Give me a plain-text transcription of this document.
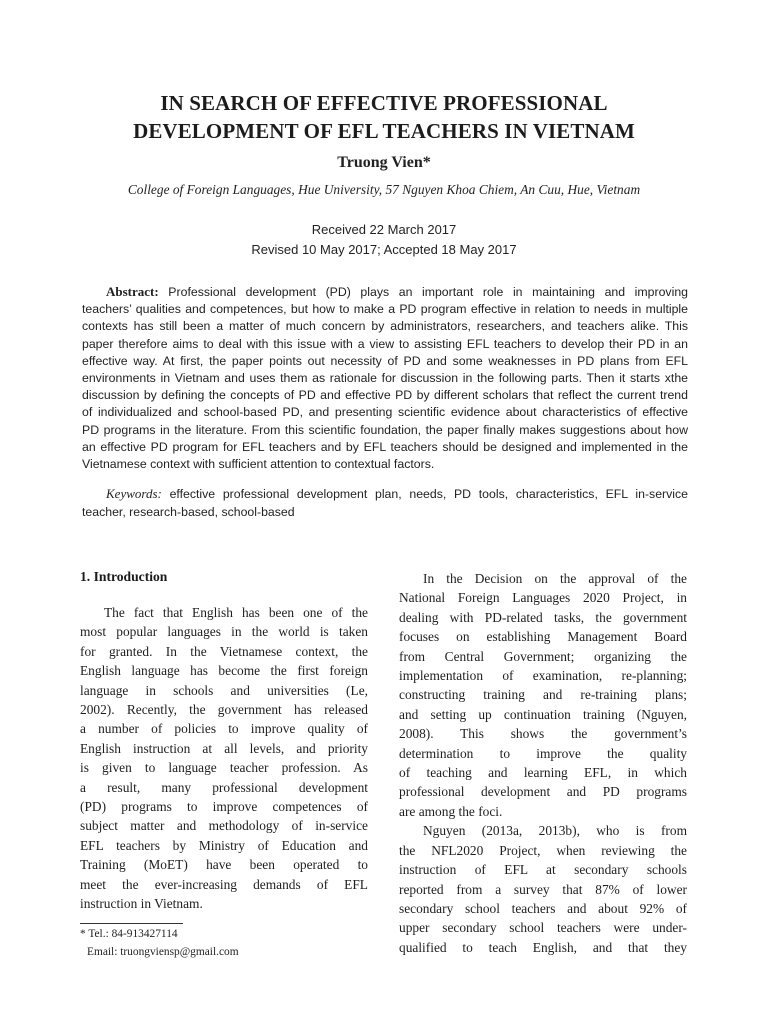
IN SEARCH OF EFFECTIVE PROFESSIONAL
DEVELOPMENT OF EFL TEACHERS IN VIETNAM
Truong Vien*
College of Foreign Languages, Hue University, 57 Nguyen Khoa Chiem, An Cuu, Hue, Vietnam
Received 22 March 2017
Revised 10 May 2017; Accepted 18 May 2017
Abstract: Professional development (PD) plays an important role in maintaining and improving
teachers’ qualities and competences, but how to make a PD program effective in relation to needs in multiple
contexts has still been a matter of much concern by administrators, researchers, and teachers alike. This
paper therefore aims to deal with this issue with a view to assisting EFL teachers to develop their PD in an
effective way. At first, the paper points out necessity of PD and some weaknesses in PD plans from EFL
environments in Vietnam and uses them as rationale for discussion in the following parts. Then it starts xthe
discussion by defining the concepts of PD and effective PD by different scholars that reflect the current trend
of individualized and school-based PD, and presenting scientific evidence about characteristics of effective
PD programs in the literature. From this scientific foundation, the paper finally makes suggestions about how
an effective PD program for EFL teachers and by EFL teachers should be designed and implemented in the
Vietnamese context with sufficient attention to contextual factors.
Keywords: effective professional development plan, needs, PD tools, characteristics, EFL in-service
teacher, research-based, school-based
1. Introduction
The fact that English has been one of the
most popular languages in the world is taken
for granted. In the Vietnamese context, the
English language has become the first foreign
language in schools and universities (Le,
2002). Recently, the government has released
a number of policies to improve quality of
English instruction at all levels, and priority
is given to language teacher profession. As
a result, many professional development
(PD) programs to improve competences of
subject matter and methodology of in-service
EFL teachers by Ministry of Education and
Training (MoET) have been operated to
meet the ever-increasing demands of EFL
instruction in Vietnam.
In the Decision on the approval of the
National Foreign Languages 2020 Project, in
dealing with PD-related tasks, the government
focuses on establishing Management Board
from Central Government; organizing the
implementation of examination, re-planning;
constructing training and re-training plans;
and setting up continuation training (Nguyen,
2008). This shows the government’s
determination to improve the quality
of teaching and learning EFL, in which
professional development and PD programs
are among the foci.
Nguyen (2013a, 2013b), who is from
the NFL2020 Project, when reviewing the
instruction of EFL at secondary schools
reported from a survey that 87% of lower
secondary school teachers and about 92% of
upper secondary school teachers were under-
qualified to teach English, and that they
* Tel.: 84-913427114
Email: truongviensp@gmail.com
